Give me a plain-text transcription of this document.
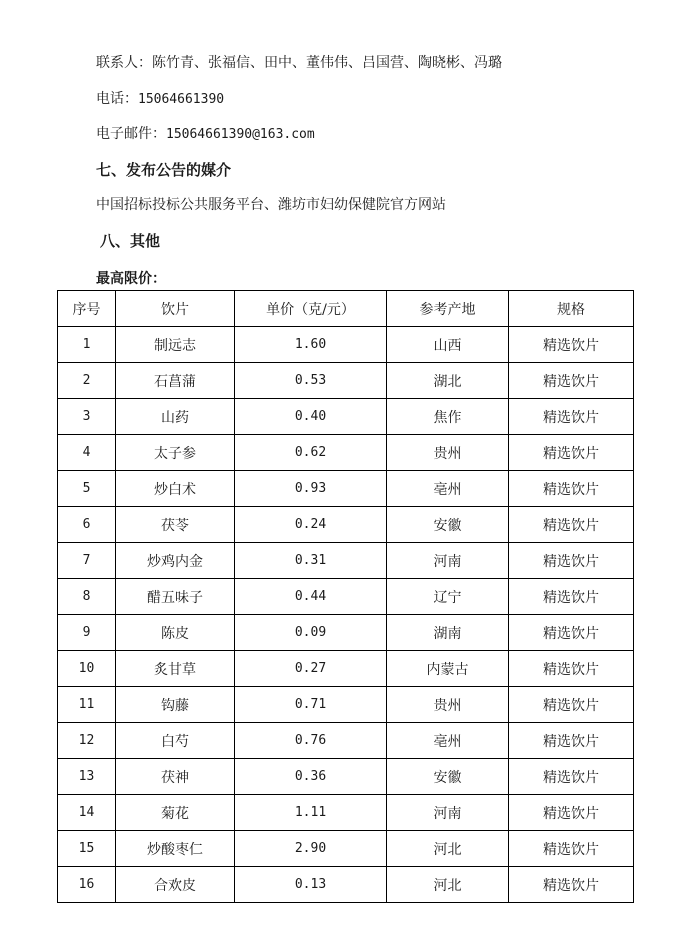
联系人：陈竹青、张福信、田中、董伟伟、吕国营、陶晓彬、冯璐
电话：15064661390
电子邮件：15064661390@163.com
七、发布公告的媒介
中国招标投标公共服务平台、潍坊市妇幼保健院官方网站
八、其他
最高限价：
序号	饮片	单价（克/元）	参考产地	规格
1	制远志	1.60	山西	精选饮片
2	石菖蒲	0.53	湖北	精选饮片
3	山药	0.40	焦作	精选饮片
4	太子参	0.62	贵州	精选饮片
5	炒白术	0.93	亳州	精选饮片
6	茯苓	0.24	安徽	精选饮片
7	炒鸡内金	0.31	河南	精选饮片
8	醋五味子	0.44	辽宁	精选饮片
9	陈皮	0.09	湖南	精选饮片
10	炙甘草	0.27	内蒙古	精选饮片
11	钩藤	0.71	贵州	精选饮片
12	白芍	0.76	亳州	精选饮片
13	茯神	0.36	安徽	精选饮片
14	菊花	1.11	河南	精选饮片
15	炒酸枣仁	2.90	河北	精选饮片
16	合欢皮	0.13	河北	精选饮片
